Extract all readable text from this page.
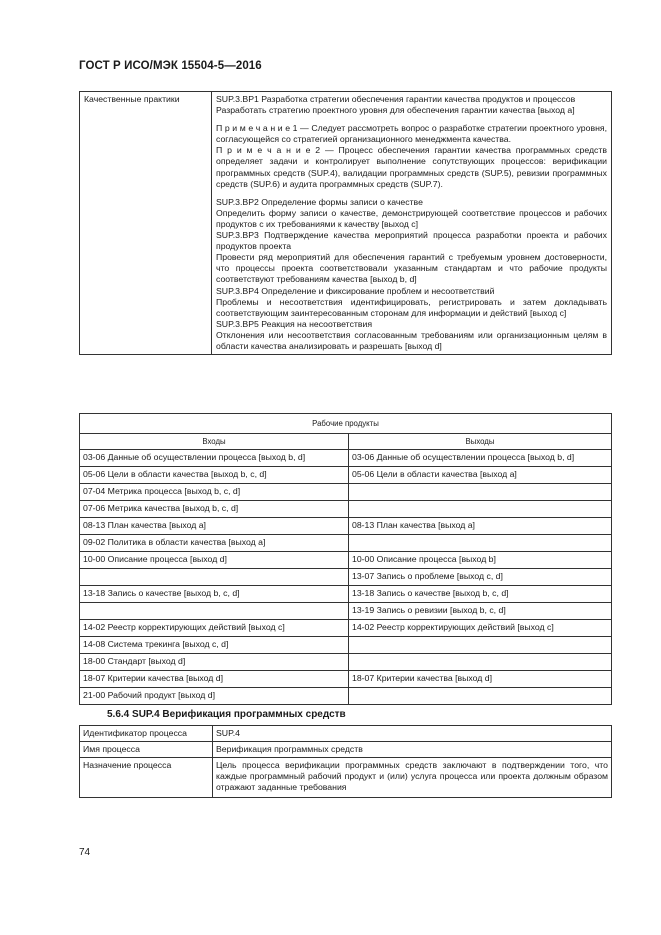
ГОСТ Р ИСО/МЭК 15504-5—2016
Качественные практики	SUP.3.BP1 Разработка стратегии обеспечения гарантии качества продуктов и процессов
Разработать стратегию проектного уровня для обеспечения гарантии качества [выход a]
П р и м е ч а н и е 1 — Следует рассмотреть вопрос о разработке стратегии проектного уровня, согласующейся со стратегией организационного менеджмента качества.
П р и м е ч а н и е 2 — Процесс обеспечения гарантии качества программных средств определяет задачи и контролирует выполнение сопутствующих процессов: верификации программных средств (SUP.4), валидации программных средств (SUP.5), ревизии программных средств (SUP.6) и аудита программных средств (SUP.7).
SUP.3.BP2 Определение формы записи о качестве
Определить форму записи о качестве, демонстрирующей соответствие процессов и рабочих продуктов с их требованиями к качеству [выход c]
SUP.3.BP3 Подтверждение качества мероприятий процесса разработки проекта и рабочих продуктов проекта
Провести ряд мероприятий для обеспечения гарантий с требуемым уровнем достоверности, что процессы проекта соответствовали указанным стандартам и что рабочие продукты соответствуют требованиям качества [выход b, d]
SUP.3.BP4 Определение и фиксирование проблем и несоответствий
Проблемы и несоответствия идентифицировать, регистрировать и затем докладывать соответствующим заинтересованным сторонам для информации и действий [выход c]
SUP.3.BP5 Реакция на несоответствия
Отклонения или несоответствия согласованным требованиям или организационным целям в области качества анализировать и разрешать [выход d]
Рабочие продукты	
Входы	Выходы
03-06 Данные об осуществлении процесса [выход b, d]	03-06 Данные об осуществлении процесса [выход b, d]
05-06 Цели в области качества [выход b, c, d]	05-06 Цели в области качества [выход a]
07-04 Метрика процесса [выход b, c, d]	
07-06 Метрика качества [выход b, c, d]	
08-13 План качества [выход a]	08-13 План качества [выход a]
09-02 Политика в области качества [выход a]	
10-00 Описание процесса [выход d]	10-00 Описание процесса [выход b]
	13-07 Запись о проблеме [выход c, d]
13-18 Запись о качестве [выход b, c, d]	13-18 Запись о качестве [выход b, c, d]
	13-19 Запись о ревизии [выход b, c, d]
14-02 Реестр корректирующих действий [выход c]	14-02 Реестр корректирующих действий [выход c]
14-08 Система трекинга [выход c, d]	
18-00 Стандарт [выход d]	
18-07 Критерии качества [выход d]	18-07 Критерии качества [выход d]
21-00 Рабочий продукт [выход d]	
5.6.4 SUP.4 Верификация программных средств
Идентификатор процесса	SUP.4
Имя процесса	Верификация программных средств
Назначение процесса	Цель процесса верификации программных средств заключают в подтверждении того, что каждые программный рабочий продукт и (или) услуга процесса или проекта должным образом отражают заданные требования
74
